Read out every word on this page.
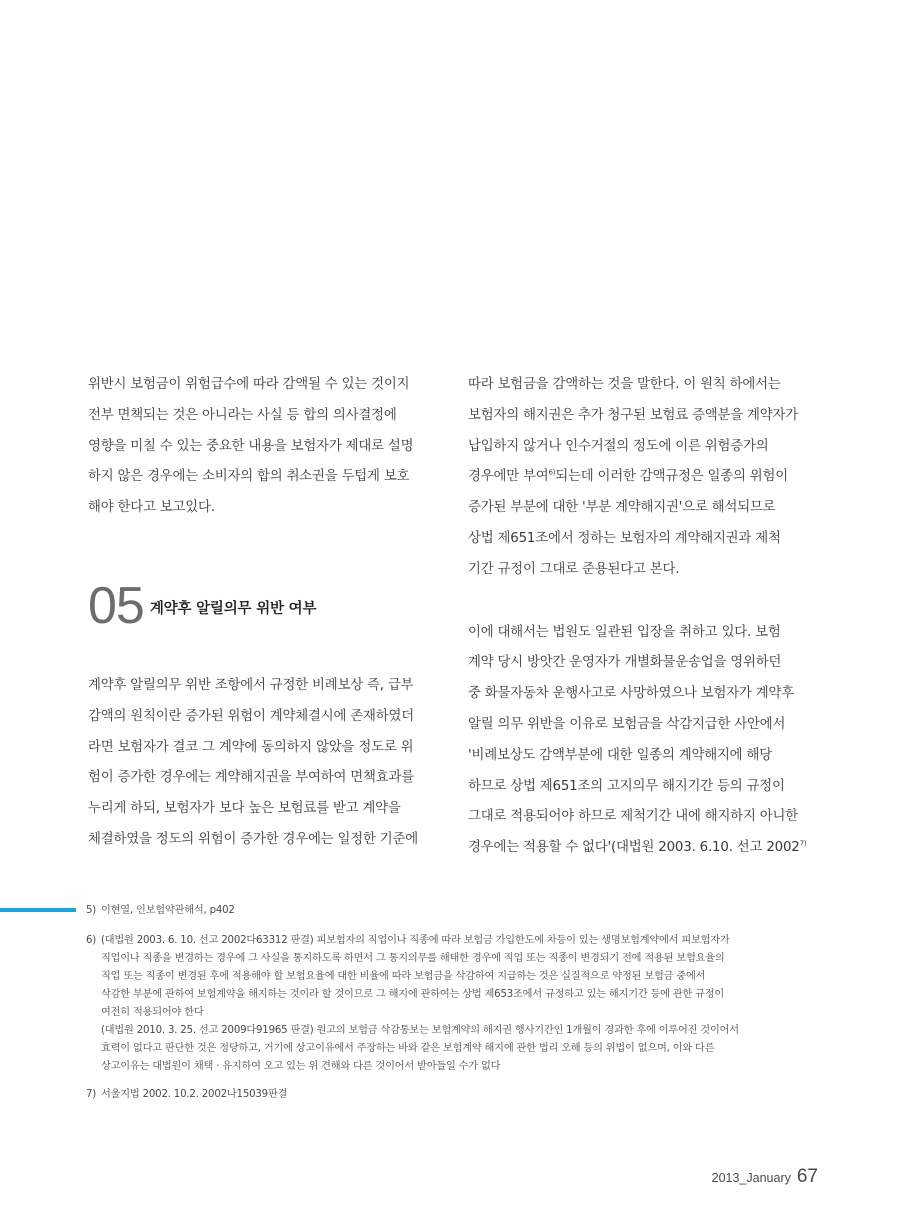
위반시 보험금이 위험급수에 따라 감액될 수 있는 것이지
전부 면책되는 것은 아니라는 사실 등 합의 의사결정에
영향을 미칠 수 있는 중요한 내용을 보험자가 제대로 설명
하지 않은 경우에는 소비자의 합의 취소권을 두텁게 보호
해야 한다고 보고있다.
05 계약후 알릴의무 위반 여부
계약후 알릴의무 위반 조항에서 규정한 비례보상 즉, 급부
감액의 원칙이란 증가된 위험이 계약체결시에 존재하였더
라면 보험자가 결코 그 계약에 동의하지 않았을 정도로 위
험이 증가한 경우에는 계약해지권을 부여하여 면책효과를
누리게 하되, 보험자가 보다 높은 보험료를 받고 계약을
체결하였을 정도의 위험이 증가한 경우에는 일정한 기준에
따라 보험금을 감액하는 것을 말한다. 이 원칙 하에서는
보험자의 해지권은 추가 청구된 보험료 증액분을 계약자가
납입하지 않거나 인수거절의 정도에 이른 위험증가의
경우에만 부여$^{6)}$되는데 이러한 감액규정은 일종의 위험이
증가된 부분에 대한 '부분 계약해지권'으로 해석되므로
상법 제651조에서 정하는 보험자의 계약해지권과 제척
기간 규정이 그대로 준용된다고 본다.
이에 대해서는 법원도 일관된 입장을 취하고 있다. 보험
계약 당시 방앗간 운영자가 개별화물운송업을 영위하던
중 화물자동차 운행사고로 사망하였으나 보험자가 계약후
알릴 의무 위반을 이유로 보험금을 삭감지급한 사안에서
'비례보상도 감액부분에 대한 일종의 계약해지에 해당
하므로 상법 제651조의 고지의무 해지기간 등의 규정이
그대로 적용되어야 하므로 제척기간 내에 해지하지 아니한
경우에는 적용할 수 없다'(대법원 2003. 6.10. 선고 2002$^{7)}$
5) 이현열, 인보험약관해석, p402
6) (대법원 2003. 6. 10. 선고 2002다63312 판결) 피보험자의 직업이나 직종에 따라 보험금 가입한도에 차등이 있는 생명보험계약에서 피보험자가
직업이나 직종을 변경하는 경우에 그 사실을 통지하도록 하면서 그 통지의무를 해태한 경우에 직업 또는 직종이 변경되기 전에 적용된 보험요율의
직업 또는 직종이 변경된 후에 적용해야 할 보험요율에 대한 비율에 따라 보험금을 삭감하여 지급하는 것은 실질적으로 약정된 보험금 중에서
삭감한 부분에 관하여 보험계약을 해지하는 것이라 할 것이므로 그 해지에 관하여는 상법 제653조에서 규정하고 있는 해지기간 등에 관한 규정이
여전히 적용되어야 한다
(대법원 2010. 3. 25. 선고 2009다91965 판결) 원고의 보험금 삭감통보는 보험계약의 해지권 행사기간인 1개월이 경과한 후에 이루어진 것이어서
효력이 없다고 판단한 것은 정당하고, 거기에 상고이유에서 주장하는 바와 같은 보험계약 해지에 관한 법리 오해 등의 위법이 없으며, 이와 다른
상고이유는 대법원이 채택 · 유지하여 오고 있는 위 견해와 다른 것이어서 받아들일 수가 없다
7) 서울지법 2002. 10.2. 2002나15039판결
2013_January 67
